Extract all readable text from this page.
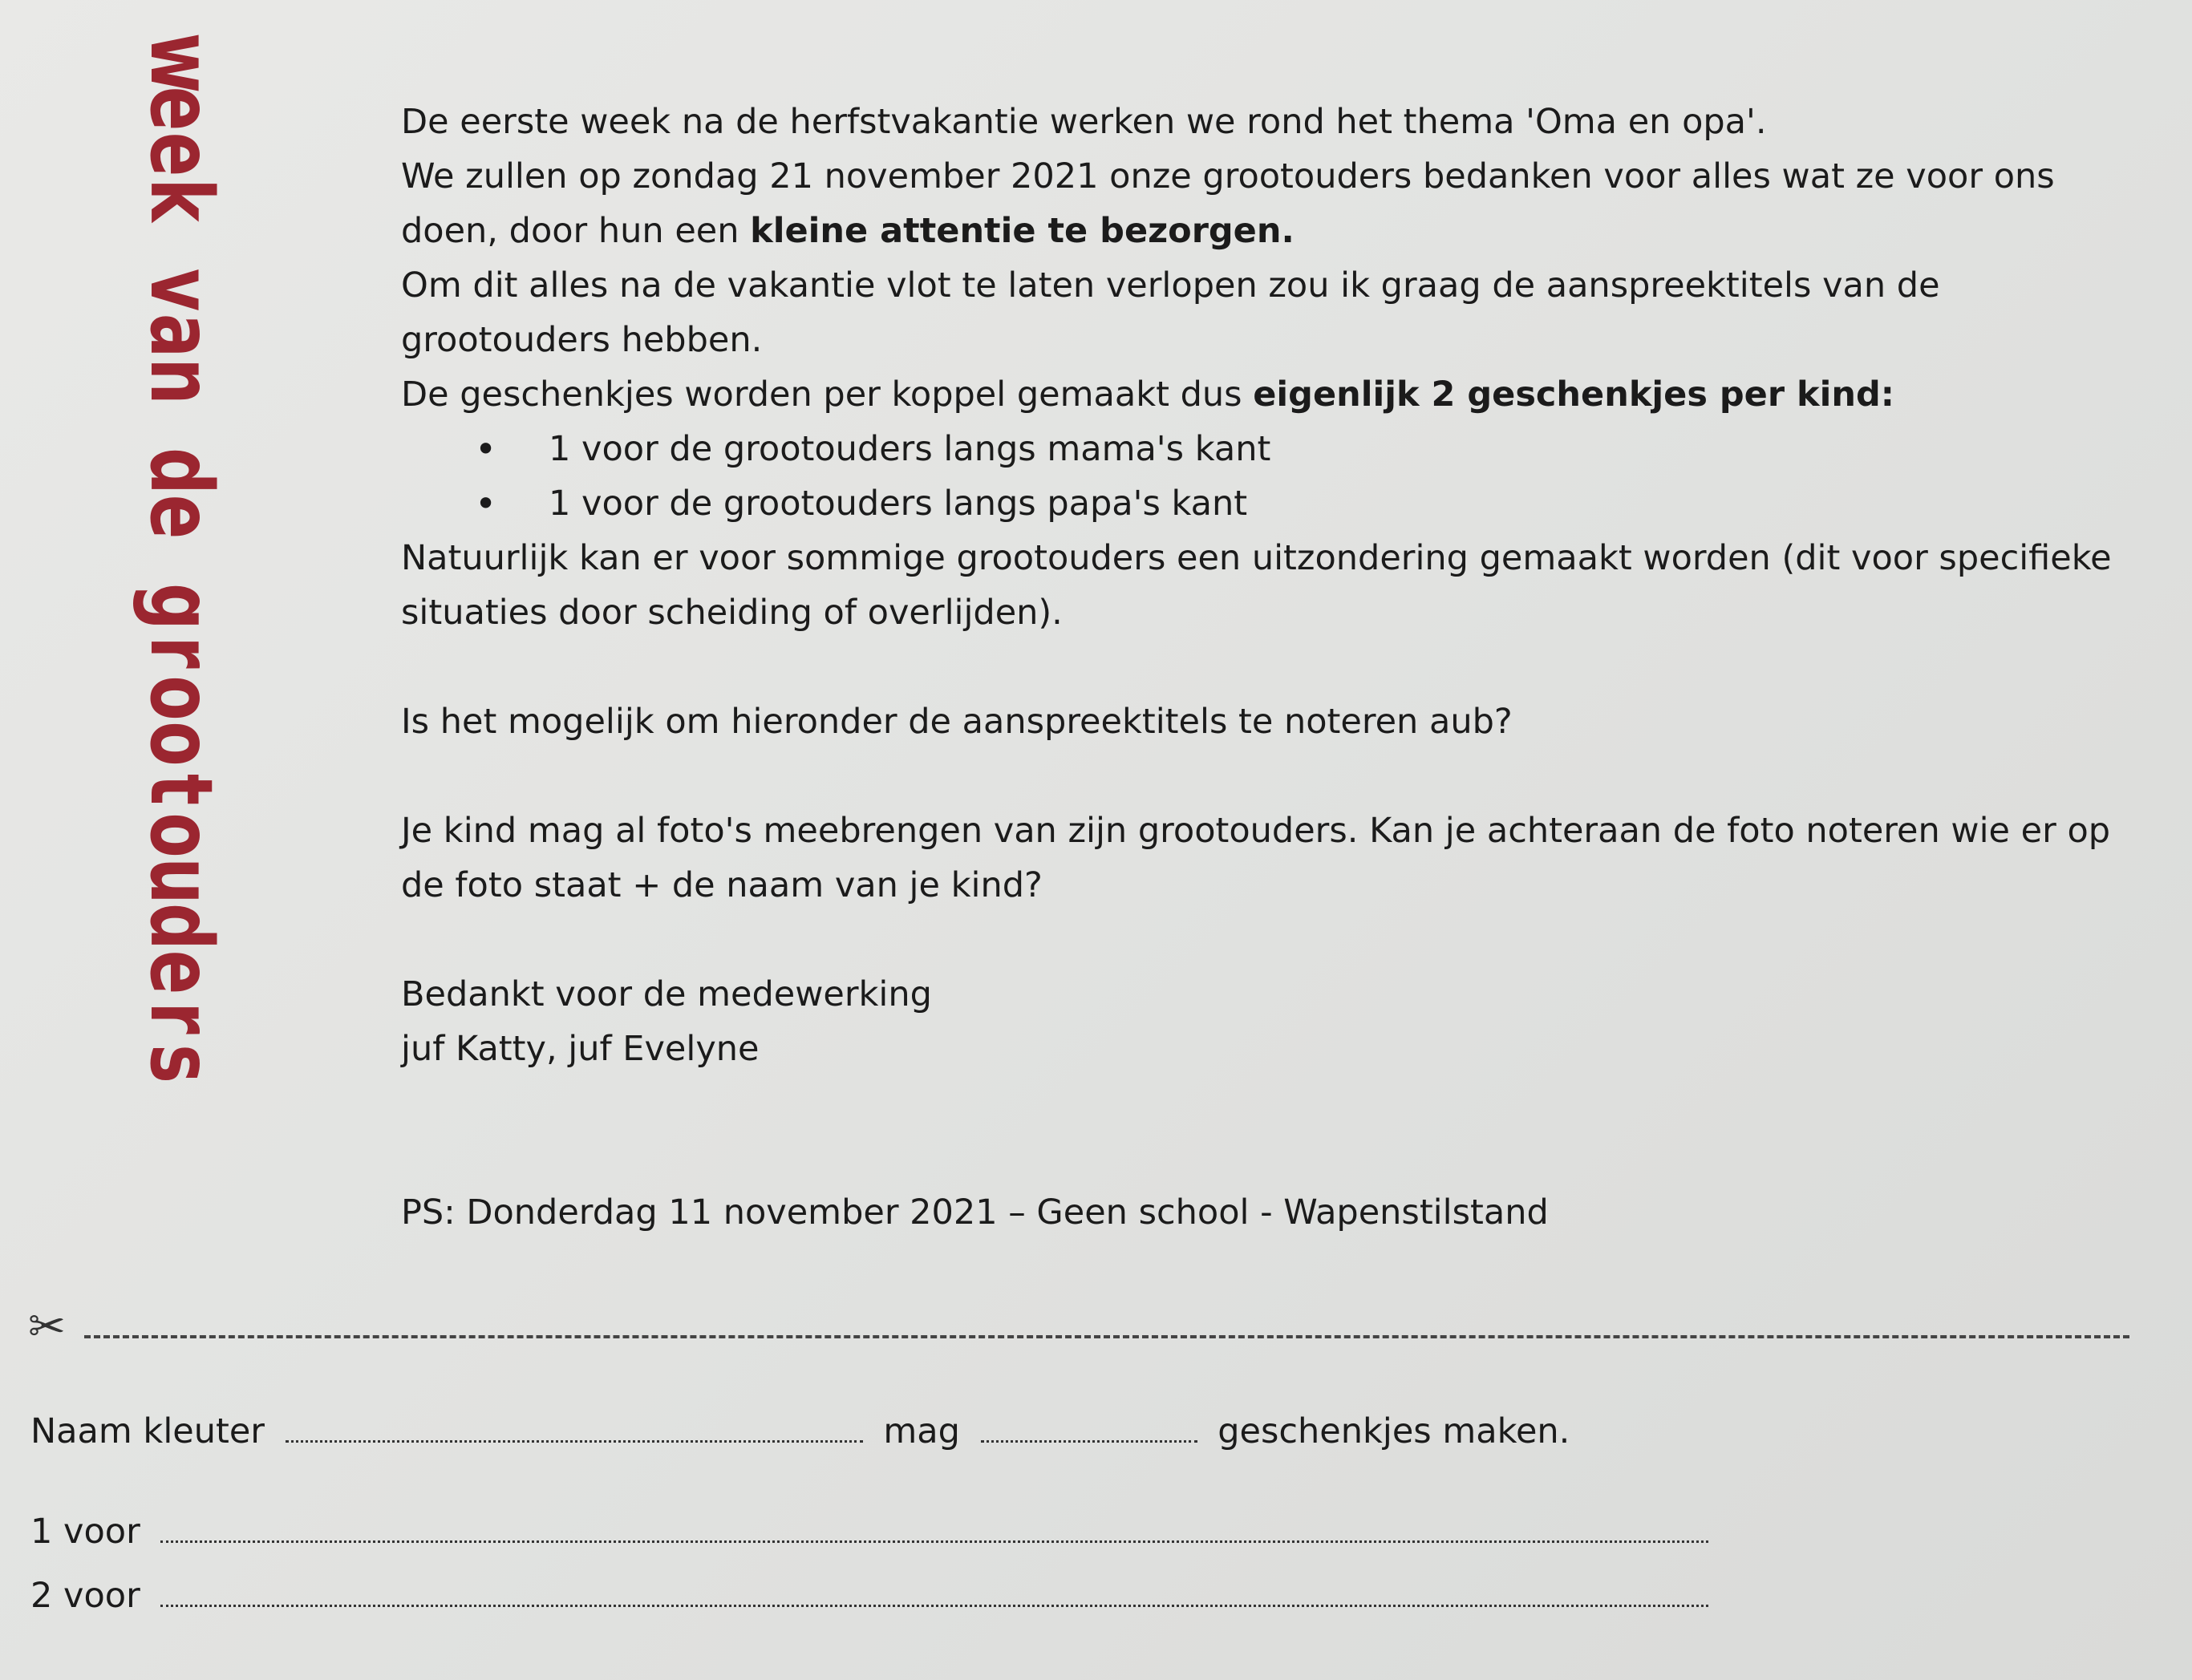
w
e
e
k
v
a
n
d
e
g
r
o
o
t
o
u
d
e
r
s

De eerste week na de herfstvakantie werken we rond het thema 'Oma en opa'.

We zullen op zondag 21 november 2021 onze grootouders bedanken voor alles wat ze voor ons doen, door hun een kleine attentie te bezorgen.

Om dit alles na de vakantie vlot te laten verlopen zou ik graag de aanspreektitels van de grootouders hebben.

De geschenkjes worden per koppel gemaakt dus eigenlijk 2 geschenkjes per kind:

• 1 voor de grootouders langs mama's kant
• 1 voor de grootouders langs papa's kant

Natuurlijk kan er voor sommige grootouders een uitzondering gemaakt worden (dit voor specifieke situaties door scheiding of overlijden).

Is het mogelijk om hieronder de aanspreektitels te noteren aub?

Je kind mag al foto's meebrengen van zijn grootouders. Kan je achteraan de foto noteren wie er op de foto staat + de naam van je kind?

Bedankt voor de medewerking

juf Katty, juf Evelyne

PS: Donderdag 11 november 2021 – Geen school - Wapenstilstand

✂
Naam kleuter	mag	geschenkjes maken.
1 voor
2 voor
